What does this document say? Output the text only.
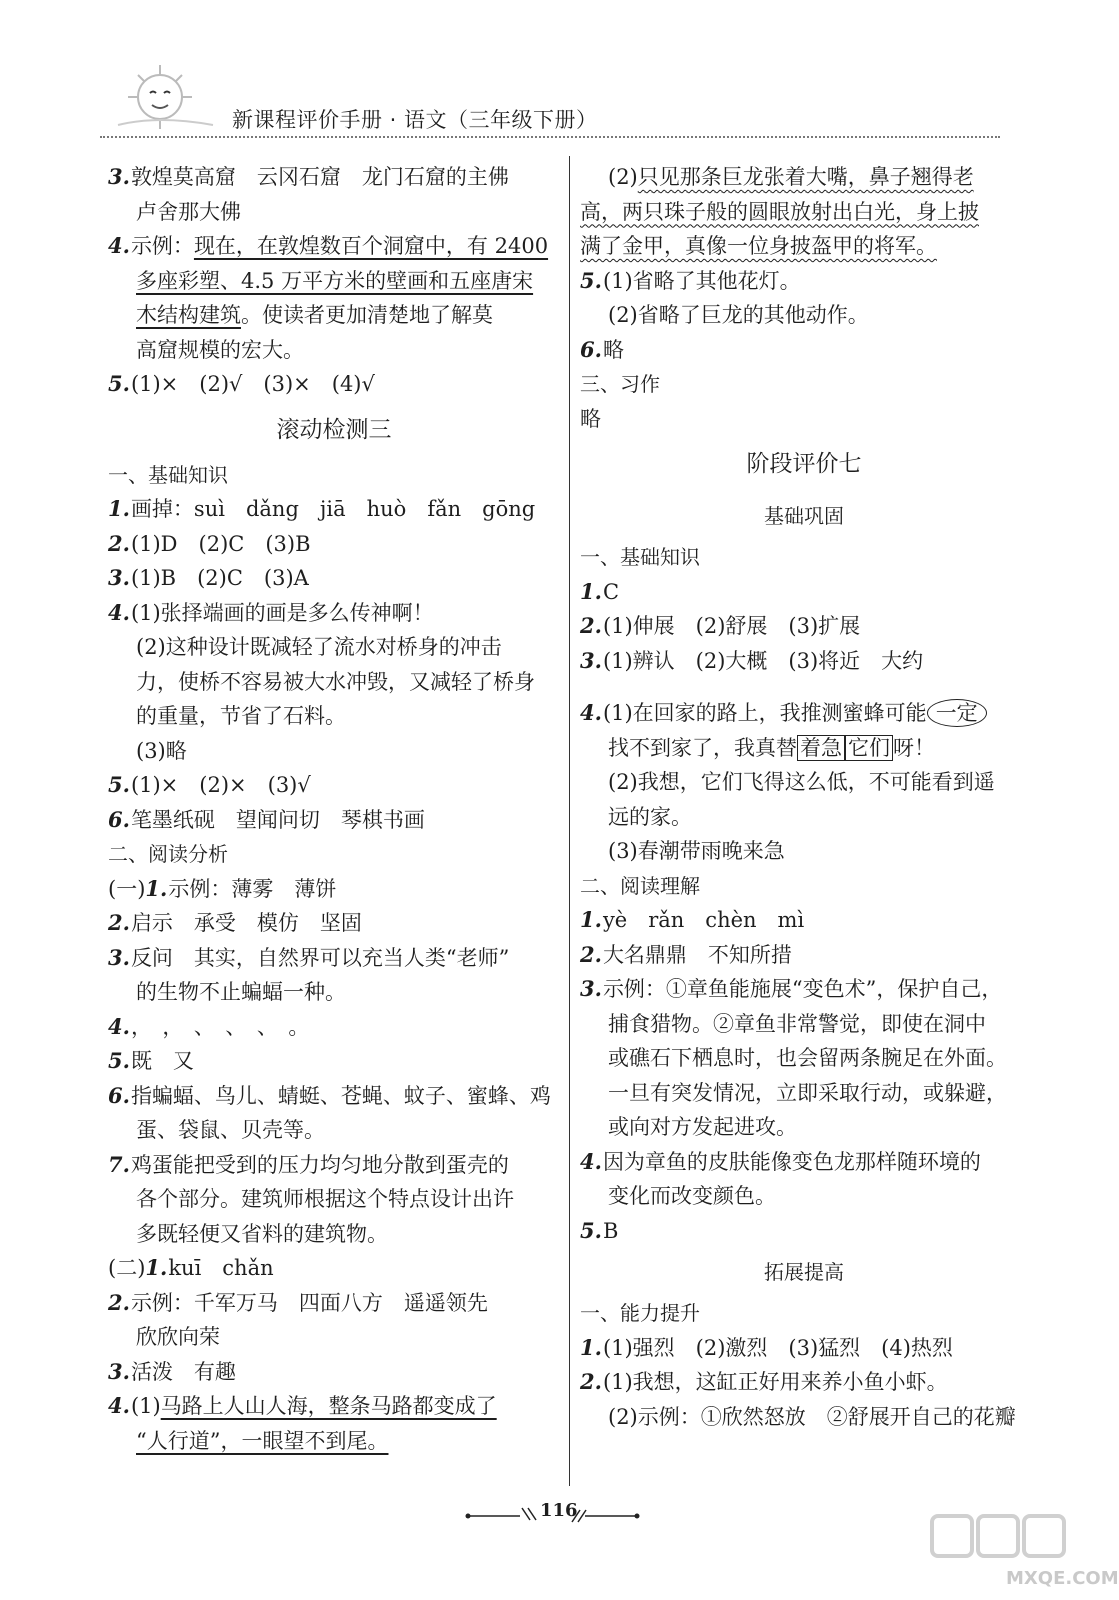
新课程评价手册 · 语文（三年级下册）
3.敦煌莫高窟　云冈石窟　龙门石窟的主佛
卢舍那大佛
4.示例：现在，在敦煌数百个洞窟中，有 2400
多座彩塑、4.5 万平方米的壁画和五座唐宋
木结构建筑。使读者更加清楚地了解莫
高窟规模的宏大。
5.(1)×　(2)√　(3)×　(4)√
滚动检测三
一、基础知识
1.画掉：suì　dǎng　jiā　huò　fǎn　gōng
2.(1)D　(2)C　(3)B
3.(1)B　(2)C　(3)A
4.(1)张择端画的画是多么传神啊！
(2)这种设计既减轻了流水对桥身的冲击
力，使桥不容易被大水冲毁，又减轻了桥身
的重量，节省了石料。
(3)略
5.(1)×　(2)×　(3)√
6.笔墨纸砚　望闻问切　琴棋书画
二、阅读分析
(一)1.示例：薄雾　薄饼
2.启示　承受　模仿　坚固
3.反问　其实，自然界可以充当人类“老师”
的生物不止蝙蝠一种。
4.，　，　、　、　、　。
5.既　又
6.指蝙蝠、鸟儿、蜻蜓、苍蝇、蚊子、蜜蜂、鸡
蛋、袋鼠、贝壳等。
7.鸡蛋能把受到的压力均匀地分散到蛋壳的
各个部分。建筑师根据这个特点设计出许
多既轻便又省料的建筑物。
(二)1.kuī　chǎn
2.示例：千军万马　四面八方　遥遥领先
欣欣向荣
3.活泼　有趣
4.(1)马路上人山人海，整条马路都变成了
“人行道”，一眼望不到尾。
(2)只见那条巨龙张着大嘴，鼻子翘得老
高，两只珠子般的圆眼放射出白光，身上披
满了金甲，真像一位身披盔甲的将军。
5.(1)省略了其他花灯。
(2)省略了巨龙的其他动作。
6.略
三、习作
略
阶段评价七
基础巩固
一、基础知识
1.C
2.(1)伸展　(2)舒展　(3)扩展
3.(1)辨认　(2)大概　(3)将近　大约
4.(1)在回家的路上，我推测蜜蜂可能 一定
找不到家了，我真替 着急 它们 呀！
(2)我想，它们飞得这么低，不可能看到遥
远的家。
(3)春潮带雨晚来急
二、阅读理解
1.yè　rǎn　chèn　mì
2.大名鼎鼎　不知所措
3.示例：①章鱼能施展“变色术”，保护自己，
捕食猎物。②章鱼非常警觉，即使在洞中
或礁石下栖息时，也会留两条腕足在外面。
一旦有突发情况，立即采取行动，或躲避，
或向对方发起进攻。
4.因为章鱼的皮肤能像变色龙那样随环境的
变化而改变颜色。
5.B
拓展提高
一、能力提升
1.(1)强烈　(2)激烈　(3)猛烈　(4)热烈
2.(1)我想，这缸正好用来养小鱼小虾。
(2)示例：①欣然怒放　②舒展开自己的花瓣
116
MXQE.COM
